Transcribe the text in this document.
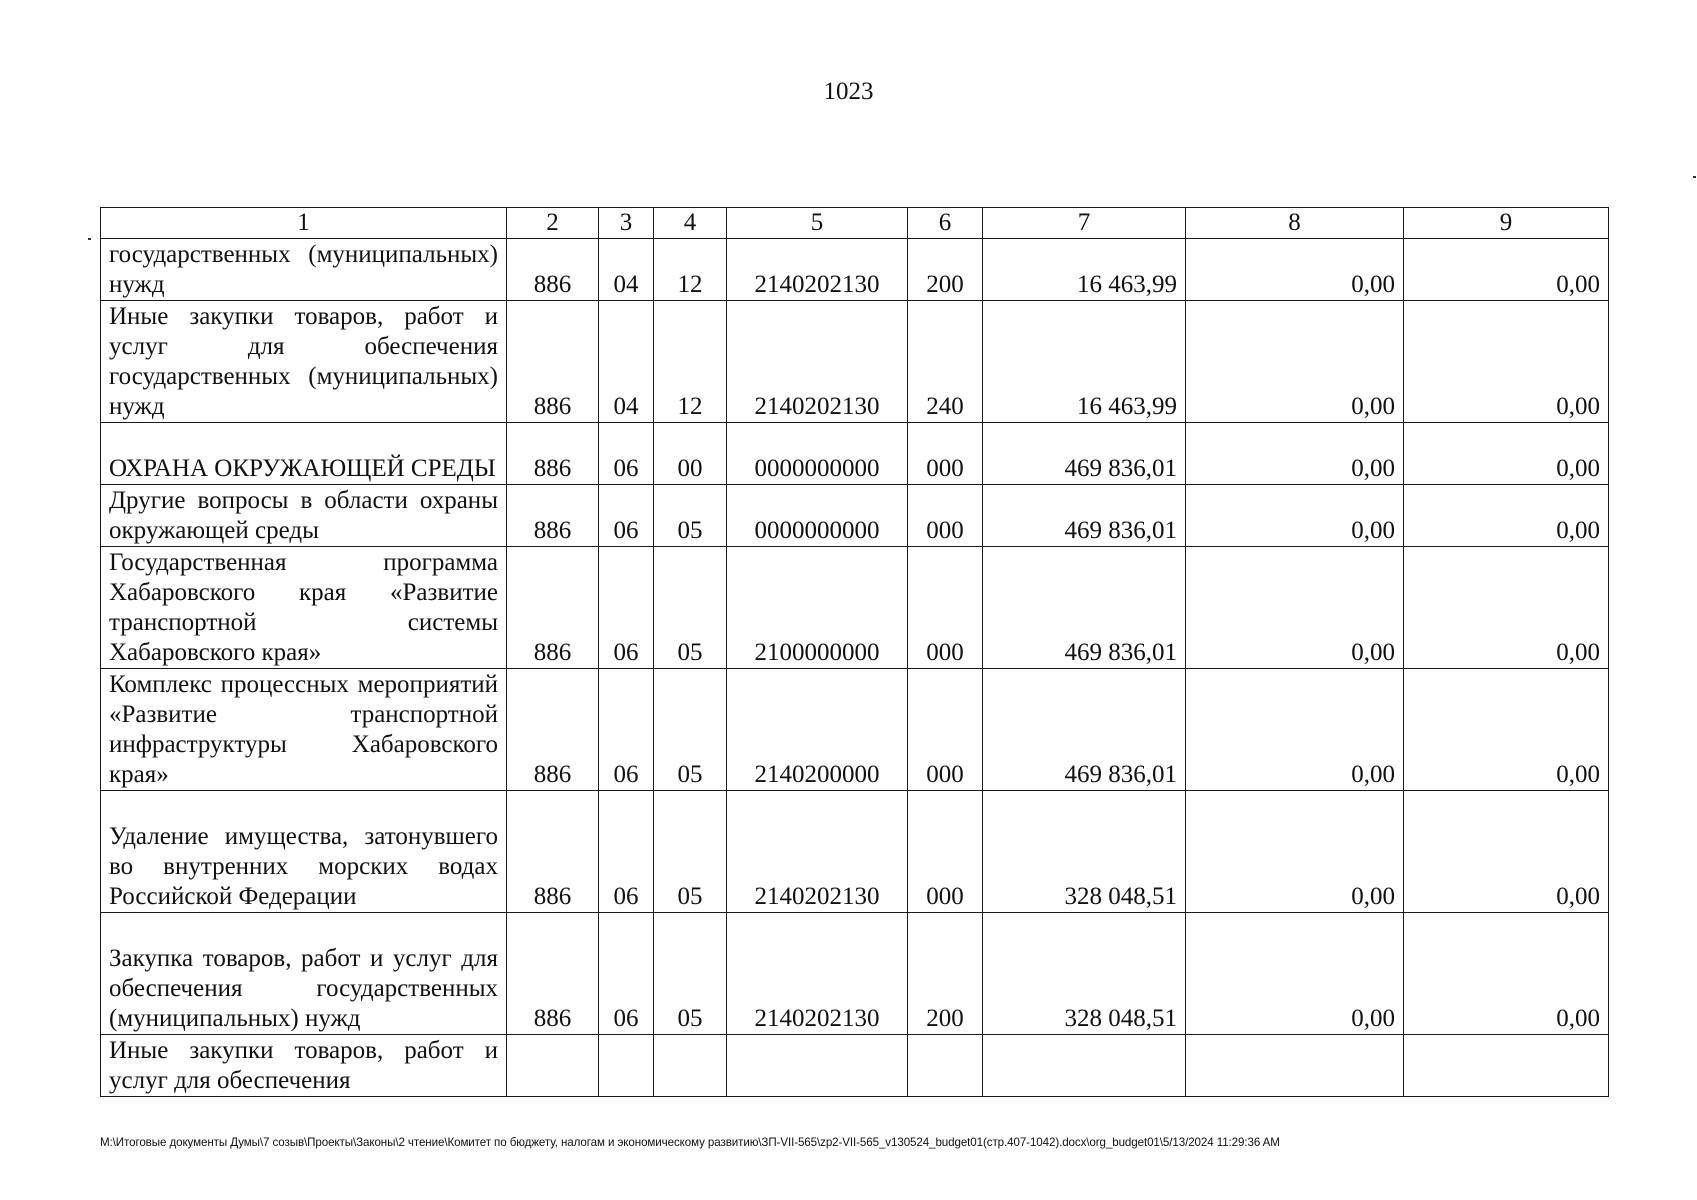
1023
1	2	3	4	5	6	7	8	9
государственных (муниципальных) нужд	886	04	12	2140202130	200	16 463,99	0,00	0,00
Иные закупки товаров, работ и услуг для обеспечения государственных (муниципальных) нужд	886	04	12	2140202130	240	16 463,99	0,00	0,00
ОХРАНА ОКРУЖАЮЩЕЙ СРЕДЫ	886	06	00	0000000000	000	469 836,01	0,00	0,00
Другие вопросы в области охраны окружающей среды	886	06	05	0000000000	000	469 836,01	0,00	0,00
Государственная программа Хабаровского края «Развитие транспортной системы Хабаровского края»	886	06	05	2100000000	000	469 836,01	0,00	0,00
Комплекс процессных мероприятий «Развитие транспортной инфраструктуры Хабаровского края»	886	06	05	2140200000	000	469 836,01	0,00	0,00
Удаление имущества, затонувшего во внутренних морских водах Российской Федерации	886	06	05	2140202130	000	328 048,51	0,00	0,00
Закупка товаров, работ и услуг для обеспечения государственных (муниципальных) нужд	886	06	05	2140202130	200	328 048,51	0,00	0,00
Иные закупки товаров, работ и услуг для обеспечения								
M:\Итоговые документы Думы\7 созыв\Проекты\Законы\2 чтение\Комитет по бюджету, налогам и экономическому развитию\ЗП-VII-565\zp2-VII-565_v130524_budget01(стр.407-1042).docx\org_budget01\5/13/2024 11:29:36 AM
